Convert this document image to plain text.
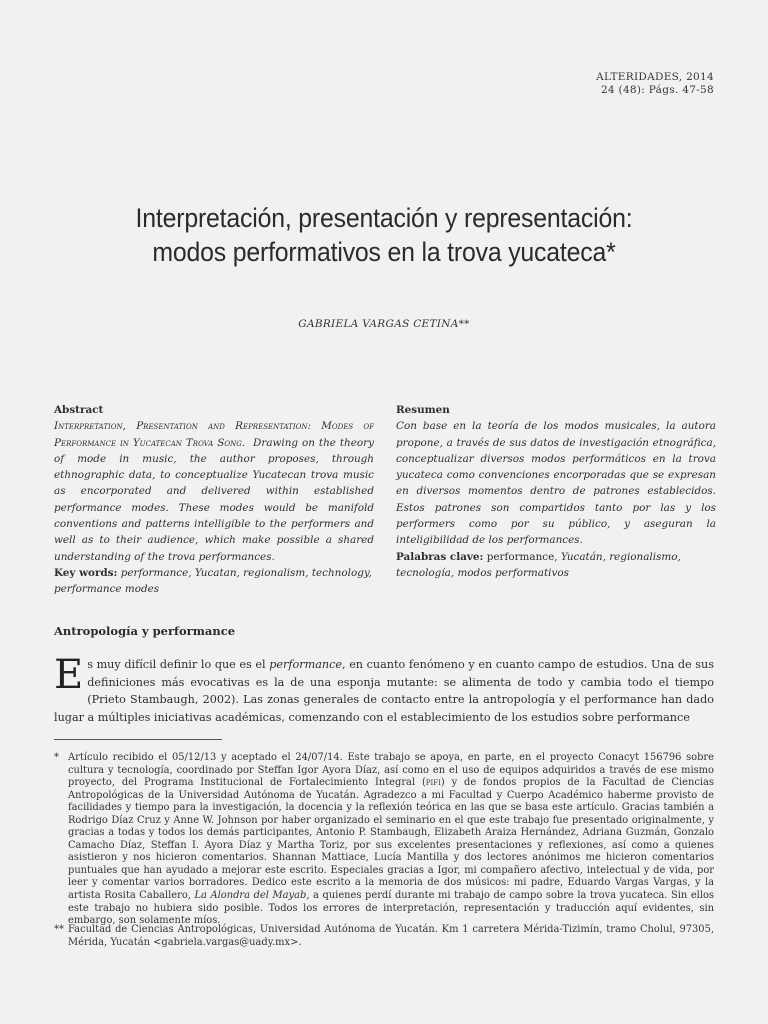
ALTERIDADES, 2014
24 (48): Págs. 47-58
Interpretación, presentación y representación:
modos performativos en la trova yucateca*
GABRIELA VARGAS CETINA**
Abstract
Interpretation, Presentation and Representation: Modes of Performance in Yucatecan Trova Song. Drawing on the theory of mode in music, the author proposes, through ethnographic data, to conceptualize Yucatecan trova music as encorporated and delivered within established performance modes. These modes would be manifold conventions and patterns intelligible to the performers and well as to their audience, which make possible a shared understanding of the trova performances.
Key words: performance, Yucatan, regionalism, technology, performance modes
Resumen
Con base en la teoría de los modos musicales, la autora propone, a través de sus datos de investigación etnográfica, conceptualizar diversos modos performáticos en la trova yucateca como convenciones encorporadas que se expresan en diversos momentos dentro de patrones establecidos. Estos patrones son compartidos tanto por las y los performers como por su público, y aseguran la inteligibilidad de los performances.
Palabras clave: performance, Yucatán, regionalismo, tecnología, modos performativos
Antropología y performance
Es muy difícil definir lo que es el performance, en cuanto fenómeno y en cuanto campo de estudios. Una de sus definiciones más evocativas es la de una esponja mutante: se alimenta de todo y cambia todo el tiempo (Prieto Stambaugh, 2002). Las zonas generales de contacto entre la antropología y el performance han dado lugar a múltiples iniciativas académicas, comenzando con el establecimiento de los estudios sobre performance
* Artículo recibido el 05/12/13 y aceptado el 24/07/14. Este trabajo se apoya, en parte, en el proyecto Conacyt 156796 sobre cultura y tecnología, coordinado por Steffan Igor Ayora Díaz, así como en el uso de equipos adquiridos a través de ese mismo proyecto, del Programa Institucional de Fortalecimiento Integral (pifi) y de fondos propios de la Facultad de Ciencias Antropológicas de la Universidad Autónoma de Yucatán. Agradezco a mi Facultad y Cuerpo Académico haberme provisto de facilidades y tiempo para la investigación, la docencia y la reflexión teórica en las que se basa este artículo. Gracias también a Rodrigo Díaz Cruz y Anne W. Johnson por haber organizado el seminario en el que este trabajo fue presentado originalmente, y gracias a todas y todos los demás participantes, Antonio P. Stambaugh, Elizabeth Araiza Hernández, Adriana Guzmán, Gonzalo Camacho Díaz, Steffan I. Ayora Díaz y Martha Toriz, por sus excelentes presentaciones y reflexiones, así como a quienes asistieron y nos hicieron comentarios. Shannan Mattiace, Lucía Mantilla y dos lectores anónimos me hicieron comentarios puntuales que han ayudado a mejorar este escrito. Especiales gracias a Igor, mi compañero afectivo, intelectual y de vida, por leer y comentar varios borradores. Dedico este escrito a la memoria de dos músicos: mi padre, Eduardo Vargas Vargas, y la artista Rosita Caballero, La Alondra del Mayab, a quienes perdí durante mi trabajo de campo sobre la trova yucateca. Sin ellos este trabajo no hubiera sido posible. Todos los errores de interpretación, representación y traducción aquí evidentes, sin embargo, son solamente míos.
** Facultad de Ciencias Antropológicas, Universidad Autónoma de Yucatán. Km 1 carretera Mérida-Tizimín, tramo Cholul, 97305, Mérida, Yucatán <gabriela.vargas@uady.mx>.
